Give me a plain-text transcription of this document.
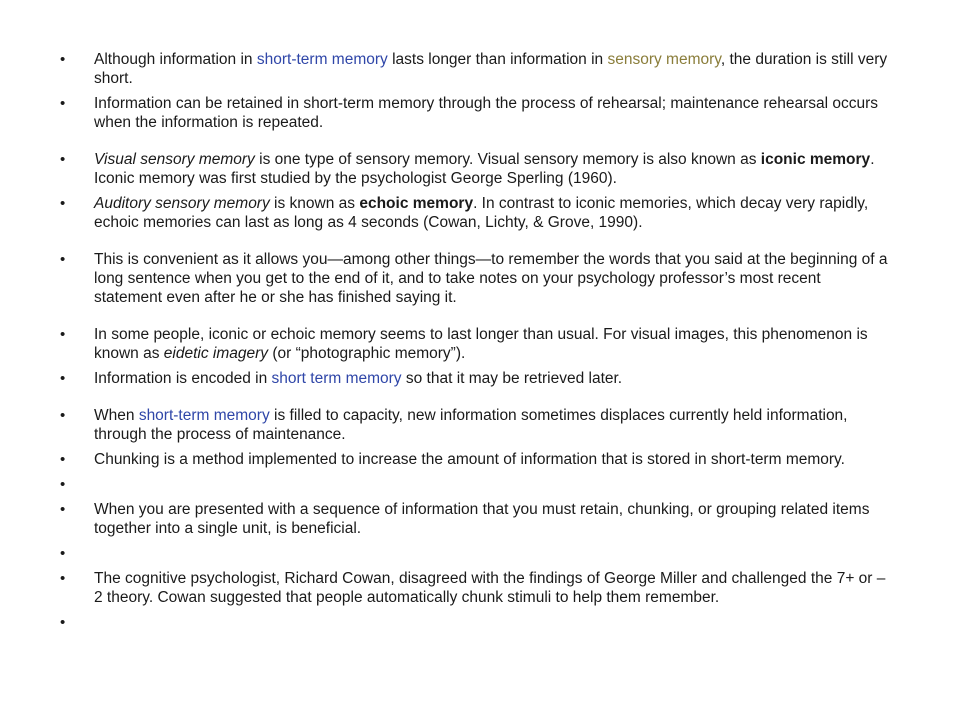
• Although information in short-term memory lasts longer than information in sensory memory, the duration is still very short.
• Information can be retained in short-term memory through the process of rehearsal; maintenance rehearsal occurs when the information is repeated.
• Visual sensory memory is one type of sensory memory. Visual sensory memory is also known as iconic memory. Iconic memory was first studied by the psychologist George Sperling (1960).
• Auditory sensory memory is known as echoic memory. In contrast to iconic memories, which decay very rapidly, echoic memories can last as long as 4 seconds (Cowan, Lichty, & Grove, 1990).
• This is convenient as it allows you—among other things—to remember the words that you said at the beginning of a long sentence when you get to the end of it, and to take notes on your psychology professor’s most recent statement even after he or she has finished saying it.
• In some people, iconic or echoic memory seems to last longer than usual. For visual images, this phenomenon is known as eidetic imagery (or “photographic memory”).
• Information is encoded in short term memory so that it may be retrieved later.
• When short-term memory is filled to capacity, new information sometimes displaces currently held information, through the process of maintenance.
• Chunking is a method implemented to increase the amount of information that is stored in short-term memory.
•
• When you are presented with a sequence of information that you must retain, chunking, or grouping related items together into a single unit, is beneficial.
•
• The cognitive psychologist, Richard Cowan, disagreed with the findings of George Miller and challenged the 7+ or – 2 theory. Cowan suggested that people automatically chunk stimuli to help them remember.
•
